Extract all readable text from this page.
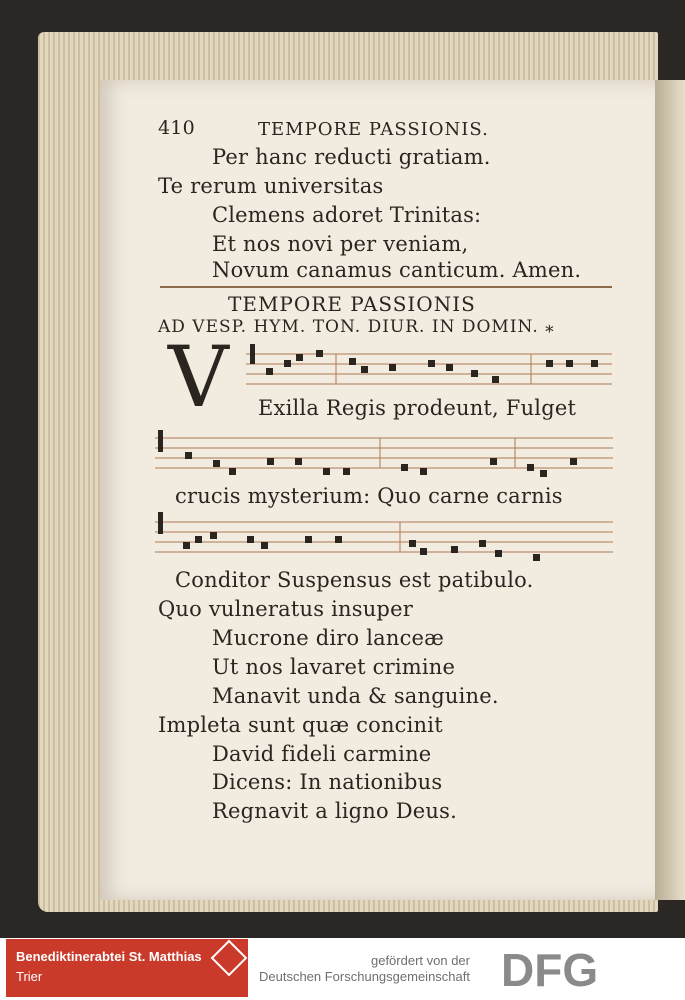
410	TEMPORE PASSIONIS.
Per hanc reducti gratiam.
Te rerum universitas
Clemens adoret Trinitas:
Et nos novi per veniam,
Novum canamus canticum. Amen.
TEMPORE PASSIONIS
AD VESP. HYM. TON. DIUR. IN DOMIN. ⁎
V Exilla Regis prodeunt, Fulget
crucis mysterium: Quo carne carnis
Conditor Suspensus est patibulo.
Quo vulneratus insuper
Mucrone diro lanceæ
Ut nos lavaret crimine
Manavit unda & sanguine.
Impleta sunt quæ concinit
David fideli carmine
Dicens: In nationibus
Regnavit a ligno Deus.
Benediktinerabtei St. Matthias
Trier
gefördert von der
Deutschen Forschungsgemeinschaft DFG
